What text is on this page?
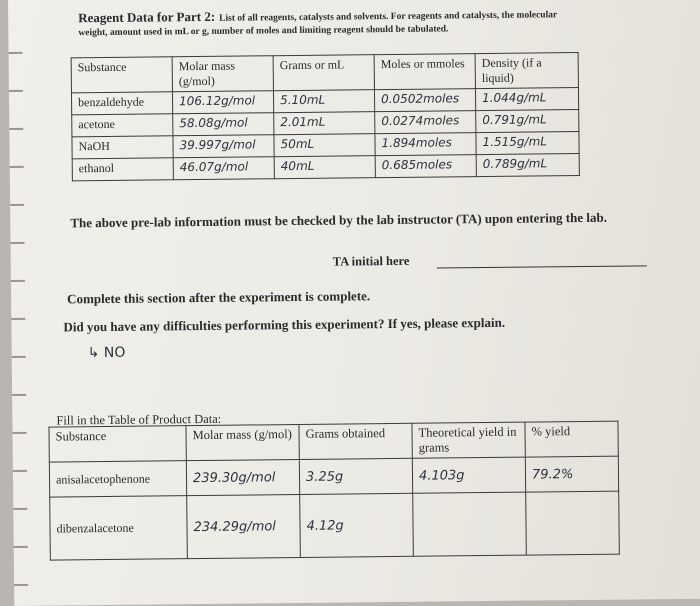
Reagent Data for Part 2: List of all reagents, catalysts and solvents. For reagents and catalysts, the molecular
weight, amount used in mL or g, number of moles and limiting reagent should be tabulated.
Substance	Molar mass (g/mol)	Grams or mL	Moles or mmoles	Density (if a liquid)
benzaldehyde	106.12g/mol	5.10mL	0.0502moles	1.044g/mL
acetone	58.08g/mol	2.01mL	0.0274moles	0.791g/mL
NaOH	39.997g/mol	50mL	1.894moles	1.515g/mL
ethanol	46.07g/mol	40mL	0.685moles	0.789g/mL
The above pre-lab information must be checked by the lab instructor (TA) upon entering the lab.
TA initial here
Complete this section after the experiment is complete.
Did you have any difficulties performing this experiment? If yes, please explain.
↳ NO
Fill in the Table of Product Data:
Substance	Molar mass (g/mol)	Grams obtained	Theoretical yield in grams	% yield
anisalacetophenone	239.30g/mol	3.25g	4.103g	79.2%
dibenzalacetone	234.29g/mol	4.12g		
